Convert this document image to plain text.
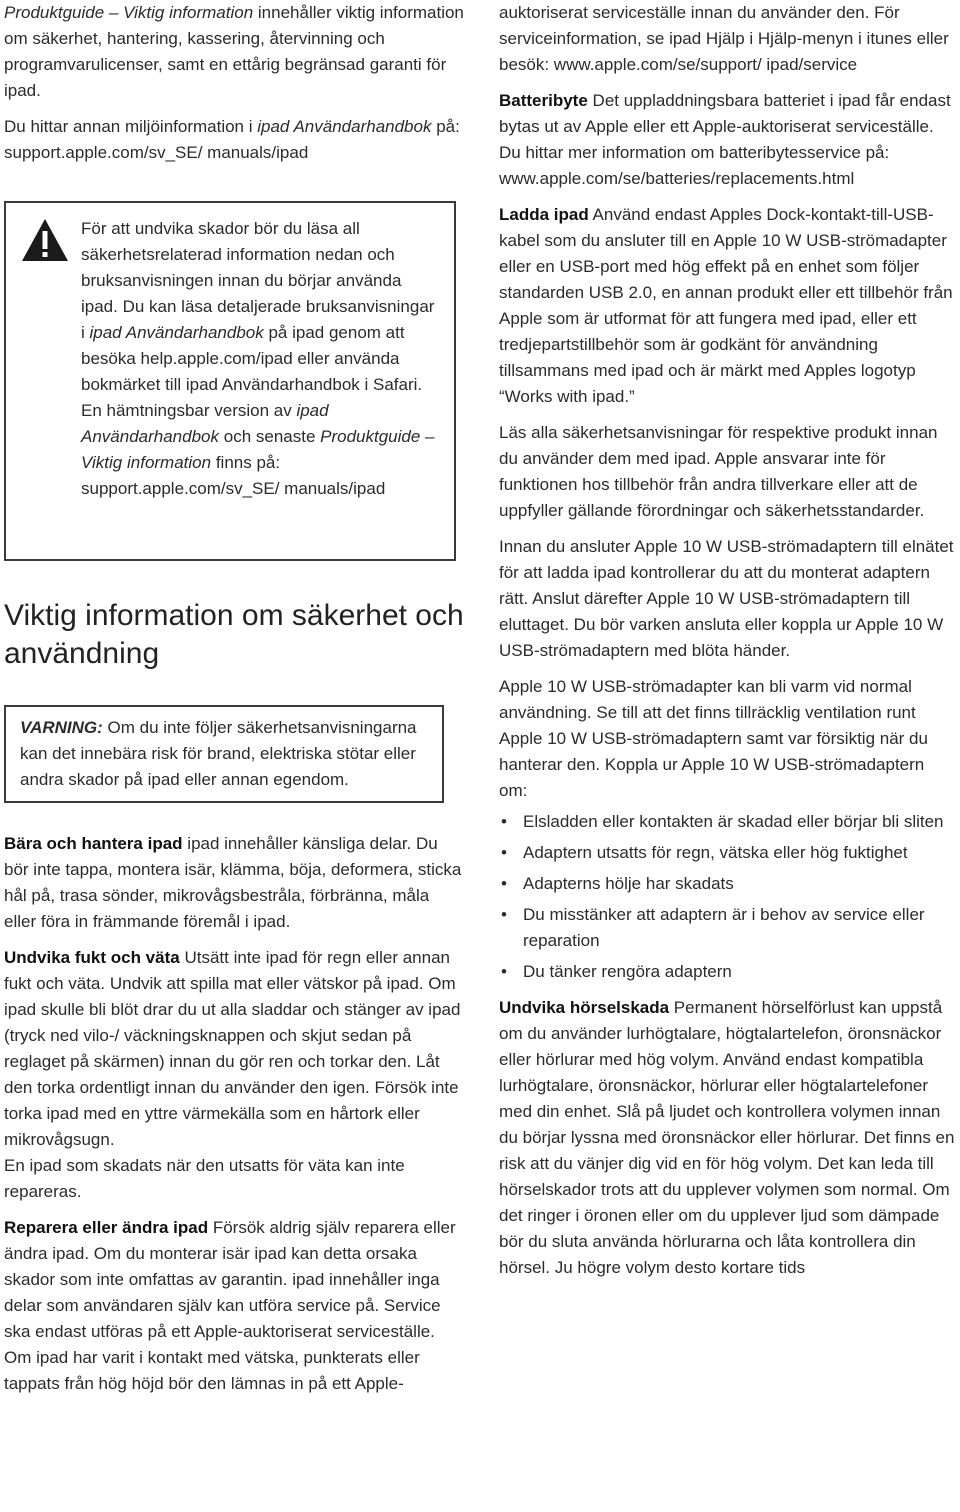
Produktguide – Viktig information innehåller viktig information om säkerhet, hantering, kassering, återvinning och programvarulicenser, samt en ettårig begränsad garanti för ipad.

Du hittar annan miljöinformation i ipad Användarhandbok på: support.apple.com/sv_SE/ manuals/ipad

För att undvika skador bör du läsa all säkerhetsrelaterad information nedan och bruksanvisningen innan du börjar använda ipad. Du kan läsa detaljerade bruksanvisningar i ipad Användarhandbok på ipad genom att besöka help.apple.com/ipad eller använda bokmärket till ipad Användarhandbok i Safari. En hämtningsbar version av ipad Användarhandbok och senaste Produktguide – Viktig information finns på: support.apple.com/sv_SE/ manuals/ipad

Viktig information om säkerhet och användning

VARNING: Om du inte följer säkerhetsanvisningarna kan det innebära risk för brand, elektriska stötar eller andra skador på ipad eller annan egendom.

Bära och hantera ipad ipad innehåller känsliga delar. Du bör inte tappa, montera isär, klämma, böja, deformera, sticka hål på, trasa sönder, mikrovågsbestråla, förbränna, måla eller föra in främmande föremål i ipad.

Undvika fukt och väta Utsätt inte ipad för regn eller annan fukt och väta. Undvik att spilla mat eller vätskor på ipad. Om ipad skulle bli blöt drar du ut alla sladdar och stänger av ipad (tryck ned vilo-/ väckningsknappen och skjut sedan på reglaget på skärmen) innan du gör ren och torkar den. Låt den torka ordentligt innan du använder den igen. Försök inte torka ipad med en yttre värmekälla som en hårtork eller mikrovågsugn.

En ipad som skadats när den utsatts för väta kan inte repareras.

Reparera eller ändra ipad Försök aldrig själv reparera eller ändra ipad. Om du monterar isär ipad kan detta orsaka skador som inte omfattas av garantin. ipad innehåller inga delar som användaren själv kan utföra service på. Service ska endast utföras på ett Apple-auktoriserat serviceställe. Om ipad har varit i kontakt med vätska, punkterats eller tappats från hög höjd bör den lämnas in på ett Apple-

auktoriserat serviceställe innan du använder den. För serviceinformation, se ipad Hjälp i Hjälp-menyn i itunes eller besök: www.apple.com/se/support/ ipad/service

Batteribyte Det uppladdningsbara batteriet i ipad får endast bytas ut av Apple eller ett Apple-auktoriserat serviceställe. Du hittar mer information om batteribytesservice på: www.apple.com/se/batteries/replacements.html

Ladda ipad Använd endast Apples Dock-kontakt-till-USB-kabel som du ansluter till en Apple 10 W USB-strömadapter eller en USB-port med hög effekt på en enhet som följer standarden USB 2.0, en annan produkt eller ett tillbehör från Apple som är utformat för att fungera med ipad, eller ett tredjepartstillbehör som är godkänt för användning tillsammans med ipad och är märkt med Apples logotyp “Works with ipad.”

Läs alla säkerhetsanvisningar för respektive produkt innan du använder dem med ipad. Apple ansvarar inte för funktionen hos tillbehör från andra tillverkare eller att de uppfyller gällande förordningar och säkerhetsstandarder.

Innan du ansluter Apple 10 W USB-strömadaptern till elnätet för att ladda ipad kontrollerar du att du monterat adaptern rätt. Anslut därefter Apple 10 W USB-strömadaptern till eluttaget. Du bör varken ansluta eller koppla ur Apple 10 W USB-strömadaptern med blöta händer.

Apple 10 W USB-strömadapter kan bli varm vid normal användning. Se till att det finns tillräcklig ventilation runt Apple 10 W USB-strömadaptern samt var försiktig när du hanterar den. Koppla ur Apple 10 W USB-strömadaptern om:

• Elsladden eller kontakten är skadad eller börjar bli sliten
• Adaptern utsatts för regn, vätska eller hög fuktighet
• Adapterns hölje har skadats
• Du misstänker att adaptern är i behov av service eller reparation
• Du tänker rengöra adaptern

Undvika hörselskada Permanent hörselförlust kan uppstå om du använder lurhögtalare, högtalartelefon, öronsnäckor eller hörlurar med hög volym. Använd endast kompatibla lurhögtalare, öronsnäckor, hörlurar eller högtalartelefoner med din enhet. Slå på ljudet och kontrollera volymen innan du börjar lyssna med öronsnäckor eller hörlurar. Det finns en risk att du vänjer dig vid en för hög volym. Det kan leda till hörselskador trots att du upplever volymen som normal. Om det ringer i öronen eller om du upplever ljud som dämpade bör du sluta använda hörlurarna och låta kontrollera din hörsel. Ju högre volym desto kortare tids
